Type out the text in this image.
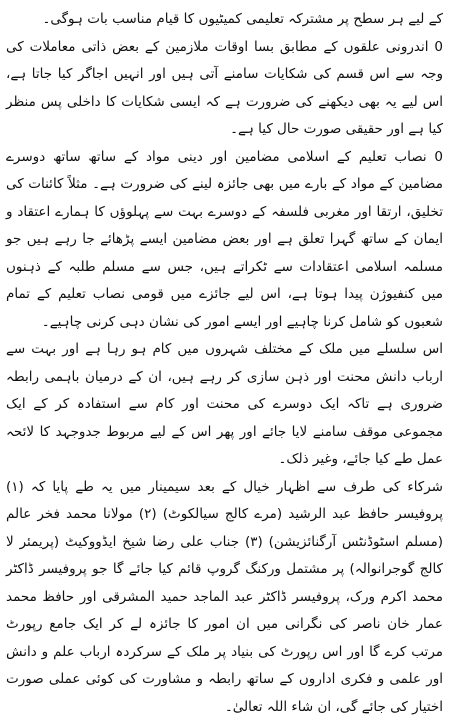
کے لیے ہر سطح پر مشترکہ تعلیمی کمیٹیوں کا قیام مناسب بات ہوگی۔

0 اندرونی علقوں کے مطابق بسا اوقات ملازمین کے بعض ذاتی معاملات کی وجہ سے اس قسم کی شکایات سامنے آتی ہیں اور انہیں اجاگر کیا جاتا ہے، اس لیے یہ بھی دیکھنے کی ضرورت ہے کہ ایسی شکایات کا داخلی پس منظر کیا ہے اور حقیقی صورت حال کیا ہے۔

0 نصاب تعلیم کے اسلامی مضامین اور دینی مواد کے ساتھ ساتھ دوسرے مضامین کے مواد کے بارے میں بھی جائزہ لینے کی ضرورت ہے۔ مثلاً کائنات کی تخلیق، ارتقا اور مغربی فلسفہ کے دوسرے بہت سے پہلوؤں کا ہمارے اعتقاد و ایمان کے ساتھ گہرا تعلق ہے اور بعض مضامین ایسے پڑھائے جا رہے ہیں جو مسلمہ اسلامی اعتقادات سے ٹکراتے ہیں، جس سے مسلم طلبہ کے ذہنوں میں کنفیوژن پیدا ہوتا ہے، اس لیے جائزے میں قومی نصاب تعلیم کے تمام شعبوں کو شامل کرنا چاہیے اور ایسے امور کی نشان دہی کرنی چاہیے۔

اس سلسلے میں ملک کے مختلف شہروں میں کام ہو رہا ہے اور بہت سے ارباب دانش محنت اور ذہن سازی کر رہے ہیں، ان کے درمیان باہمی رابطہ ضروری ہے تاکہ ایک دوسرے کی محنت اور کام سے استفادہ کر کے ایک مجموعی موقف سامنے لایا جائے اور پھر اس کے لیے مربوط جدوجہد کا لائحہ عمل طے کیا جائے، وغیر ذلک۔

شرکاء کی طرف سے اظہار خیال کے بعد سیمینار میں یہ طے پایا کہ (۱) پروفیسر حافظ عبد الرشید (مرے کالج سیالکوٹ) (۲) مولانا محمد فخر عالم (مسلم اسٹوڈنٹس آرگنائزیشن) (۳) جناب علی رضا شیخ ایڈووکیٹ (پریمئر لا کالج گوجرانوالہ) پر مشتمل ورکنگ گروپ قائم کیا جائے گا جو پروفیسر ڈاکٹر محمد اکرم ورک، پروفیسر ڈاکٹر عبد الماجد حمید المشرقی اور حافظ محمد عمار خان ناصر کی نگرانی میں ان امور کا جائزہ لے کر ایک جامع رپورٹ مرتب کرے گا اور اس رپورٹ کی بنیاد پر ملک کے سرکردہ ارباب علم و دانش اور علمی و فکری اداروں کے ساتھ رابطہ و مشاورت کی کوئی عملی صورت اختیار کی جائے گی، ان شاء اللہ تعالیٰ۔
